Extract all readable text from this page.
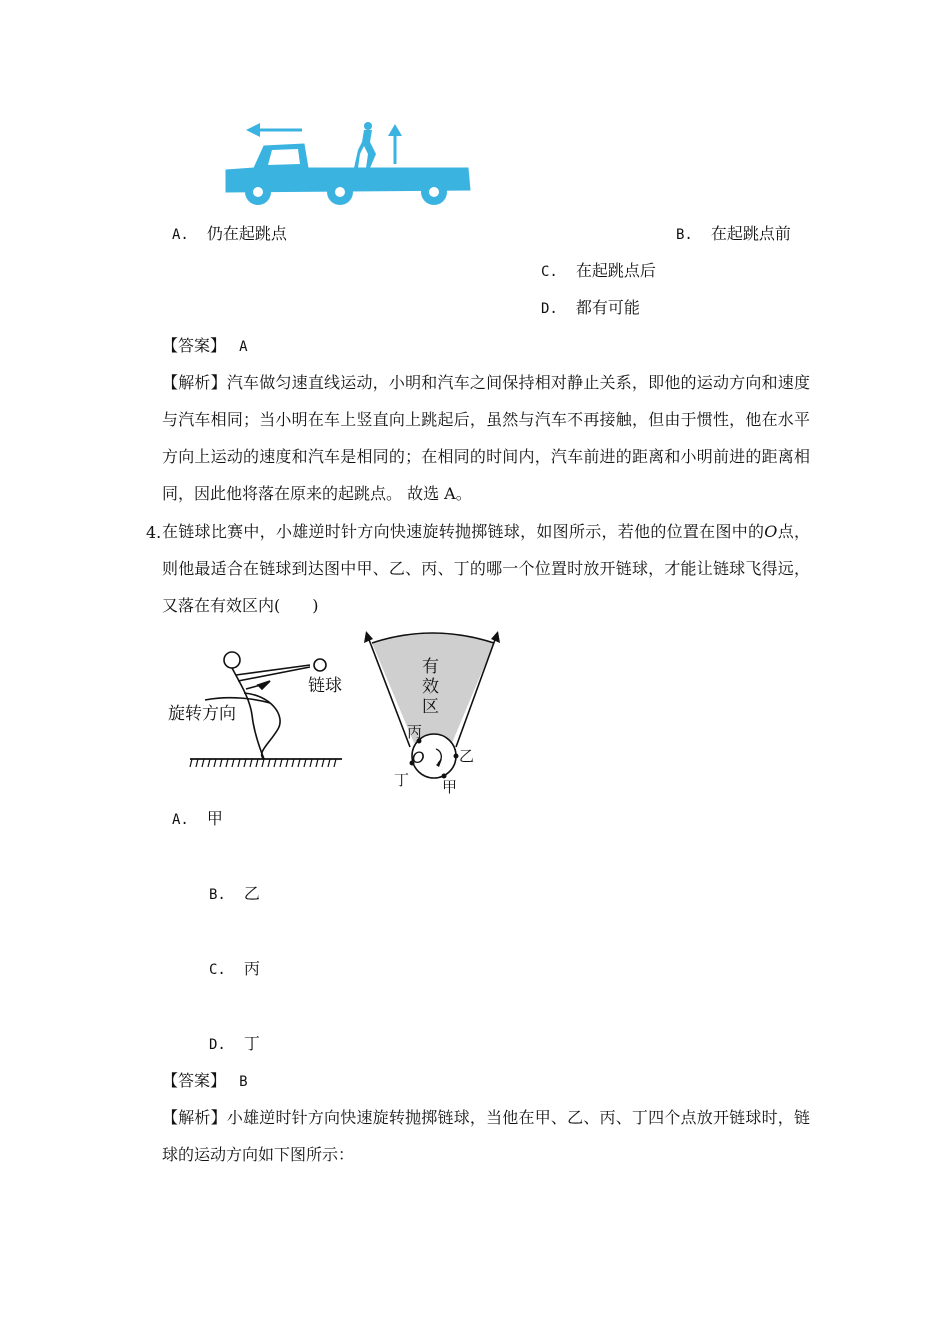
A. 仍在起跳点	B. 在起跳点前
C. 在起跳点后
D. 都有可能
【答案】 A
【解析】汽车做匀速直线运动，小明和汽车之间保持相对静止关系，即他的运动方向和速度与汽车相同；当小明在车上竖直向上跳起后，虽然与汽车不再接触，但由于惯性，他在水平方向上运动的速度和汽车是相同的；在相同的时间内，汽车前进的距离和小明前进的距离相同，因此他将落在原来的起跳点。 故选 A。
4. 在链球比赛中，小雄逆时针方向快速旋转抛掷链球，如图所示，若他的位置在图中的O点，则他最适合在链球到达图中甲、乙、丙、丁的哪一个位置时放开链球，才能让链球飞得远，又落在有效区内(　　)
链球
旋转方向
有
效
区
O
丙
乙
甲
丁
A. 甲
B. 乙
C. 丙
D. 丁
【答案】 B
【解析】小雄逆时针方向快速旋转抛掷链球，当他在甲、乙、丙、丁四个点放开链球时，链球的运动方向如下图所示：
